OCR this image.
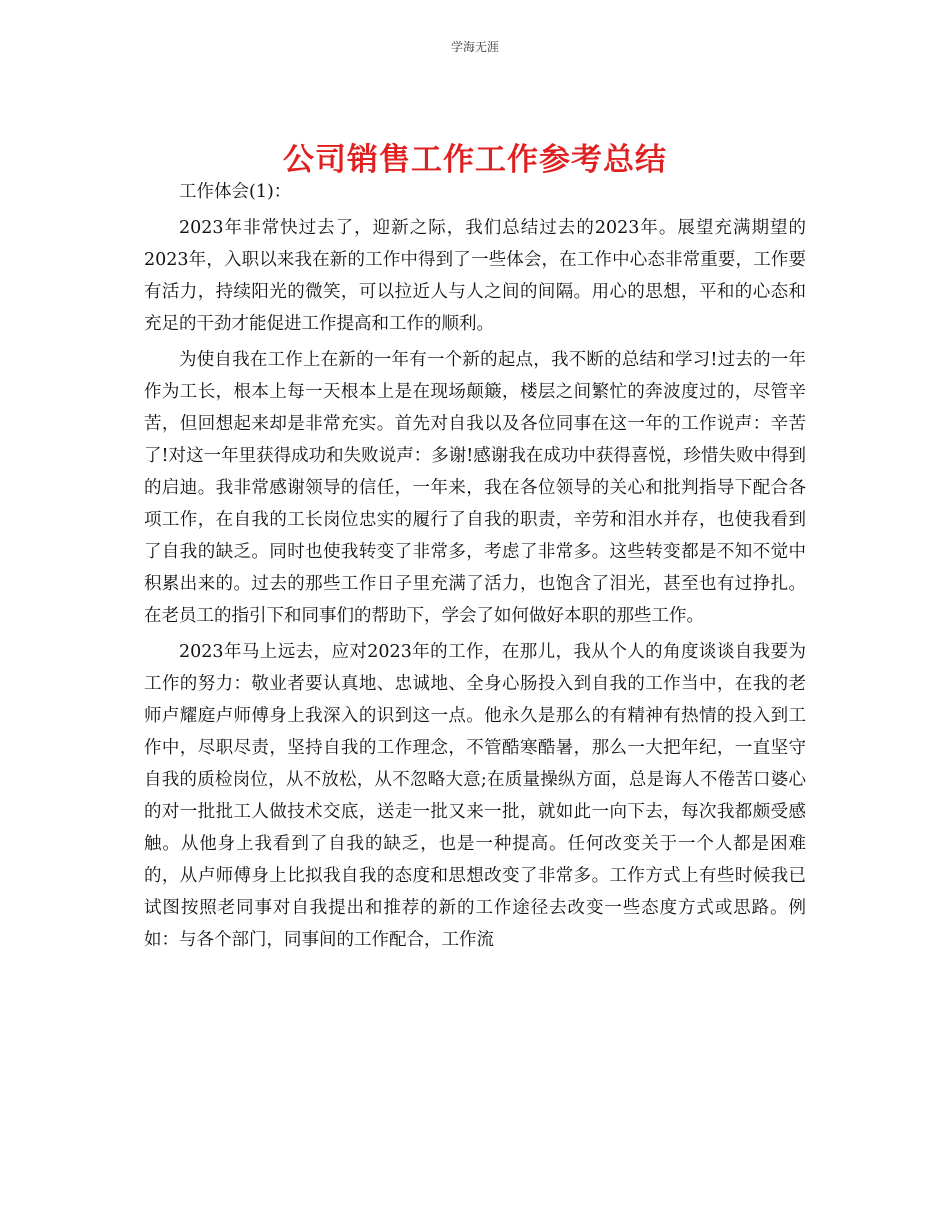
学海无涯
公司销售工作工作参考总结

工作体会(1)：

2023年非常快过去了，迎新之际，我们总结过去的2023年。展望充满期望的2023年，入职以来我在新的工作中得到了一些体会，在工作中心态非常重要，工作要有活力，持续阳光的微笑，可以拉近人与人之间的间隔。用心的思想，平和的心态和充足的干劲才能促进工作提高和工作的顺利。

为使自我在工作上在新的一年有一个新的起点，我不断的总结和学习!过去的一年作为工长，根本上每一天根本上是在现场颠簸，楼层之间繁忙的奔波度过的，尽管辛苦，但回想起来却是非常充实。首先对自我以及各位同事在这一年的工作说声：辛苦了!对这一年里获得成功和失败说声：多谢!感谢我在成功中获得喜悦，珍惜失败中得到的启迪。我非常感谢领导的信任，一年来，我在各位领导的关心和批判指导下配合各项工作，在自我的工长岗位忠实的履行了自我的职责，辛劳和泪水并存，也使我看到了自我的缺乏。同时也使我转变了非常多，考虑了非常多。这些转变都是不知不觉中积累出来的。过去的那些工作日子里充满了活力，也饱含了泪光，甚至也有过挣扎。在老员工的指引下和同事们的帮助下，学会了如何做好本职的那些工作。

2023年马上远去，应对2023年的工作，在那儿，我从个人的角度谈谈自我要为工作的努力：敬业者要认真地、忠诚地、全身心肠投入到自我的工作当中，在我的老师卢耀庭卢师傅身上我深入的识到这一点。他永久是那么的有精神有热情的投入到工作中，尽职尽责，坚持自我的工作理念，不管酷寒酷暑，那么一大把年纪，一直坚守自我的质检岗位，从不放松，从不忽略大意;在质量操纵方面，总是诲人不倦苦口婆心的对一批批工人做技术交底，送走一批又来一批，就如此一向下去，每次我都颇受感触。从他身上我看到了自我的缺乏，也是一种提高。任何改变关于一个人都是困难的，从卢师傅身上比拟我自我的态度和思想改变了非常多。工作方式上有些时候我已试图按照老同事对自我提出和推荐的新的工作途径去改变一些态度方式或思路。例如：与各个部门，同事间的工作配合，工作流
